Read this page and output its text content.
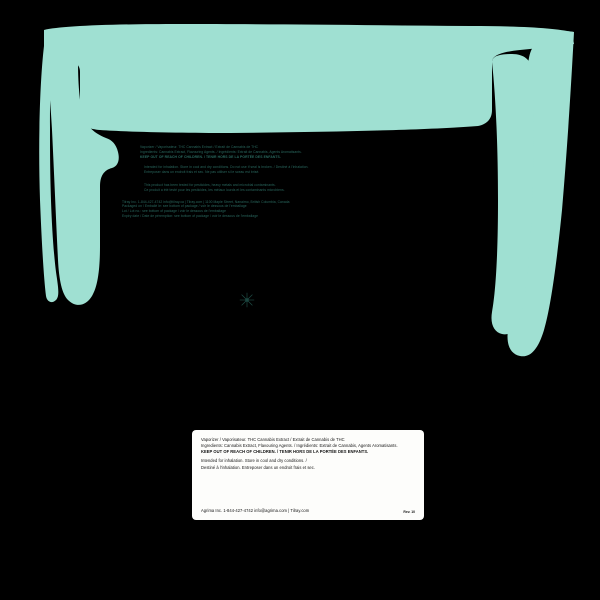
Vaporizer / Vaporisateur. THC Cannabis Extract / Extrait de Cannabis de THC
Ingredients: Cannabis Extract, Flavouring Agents. / Ingrédients: Extrait de Cannabis, Agents Aromatisants.
KEEP OUT OF REACH OF CHILDREN. / TENIR HORS DE LA PORTÉE DES ENFANTS.
Intended for inhalation. Store in cool and dry conditions. Do not use if seal is broken. / Destiné à l'inhalation.
Entreposer dans un endroit frais et sec. Ne pas utiliser si le sceau est brisé.
This product has been tested for pesticides, heavy metals and microbial contaminants.
Ce produit a été testé pour les pesticides, les métaux lourds et les contaminants microbiens.
Tilray Inc. 1-844-427-4742 info@tilray.ca | Tilray.com | 1100 Maple Street, Nanaimo, British Columbia, Canada
Packaged on / Emballé le: see bottom of package / voir le dessous de l'emballage
Lot / Lot no.: see bottom of package / voir le dessous de l'emballage
Expiry date / Date de péremption: see bottom of package / voir le dessous de l'emballage
Vaporizer / Vaporisateur. THC Cannabis Extract / Extrait de Cannabis de THC
Ingredients: Cannabis Extract, Flavouring Agents. / Ingrédients: Extrait de Cannabis, Agents Aromatisants.
KEEP OUT OF REACH OF CHILDREN. / TENIR HORS DE LA PORTÉE DES ENFANTS.
Intended for inhalation. Store in cool and dry conditions. /
Destiné à l'inhalation. Entreposer dans un endroit frais et sec.
Agrima Inc. 1-844-427-4742 info@agrima.com | Tilray.com	Rev. 10
